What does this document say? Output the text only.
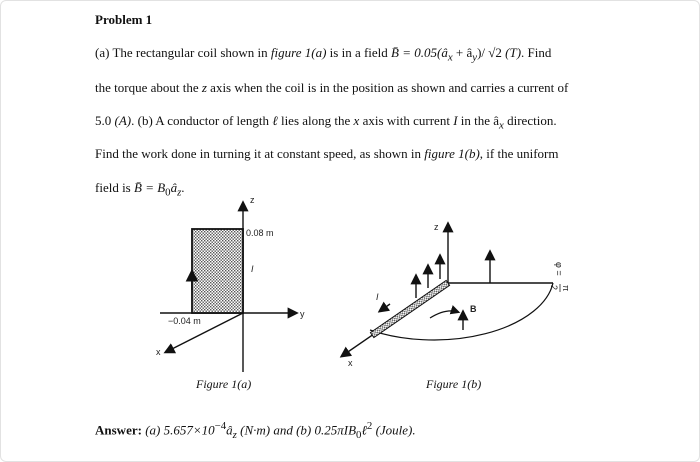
Problem 1
(a) The rectangular coil shown in figure 1(a) is in a field B̄ = $0.05(â_x$ + $â_y)/$ √2 (T). Find
the torque about the z axis when the coil is in the position as shown and carries a current of
5.0 (A). (b) A conductor of length ℓ lies along the x axis with current I in the $â_x$ direction.
Find the work done in turning it at constant speed, as shown in figure 1(b), if the uniform
field is B̄ = $B_0â_z$.
z
y
x
0.08 m
−0.04 m
I
z
x
I
B
φ =
π
2
Figure 1(a)	Figure 1(b)
Answer: (a) $5.657\times 10^{-4}â_z$ (N·m) and (b) 0.25πIB$_0$ℓ$^2$ (Joule).
